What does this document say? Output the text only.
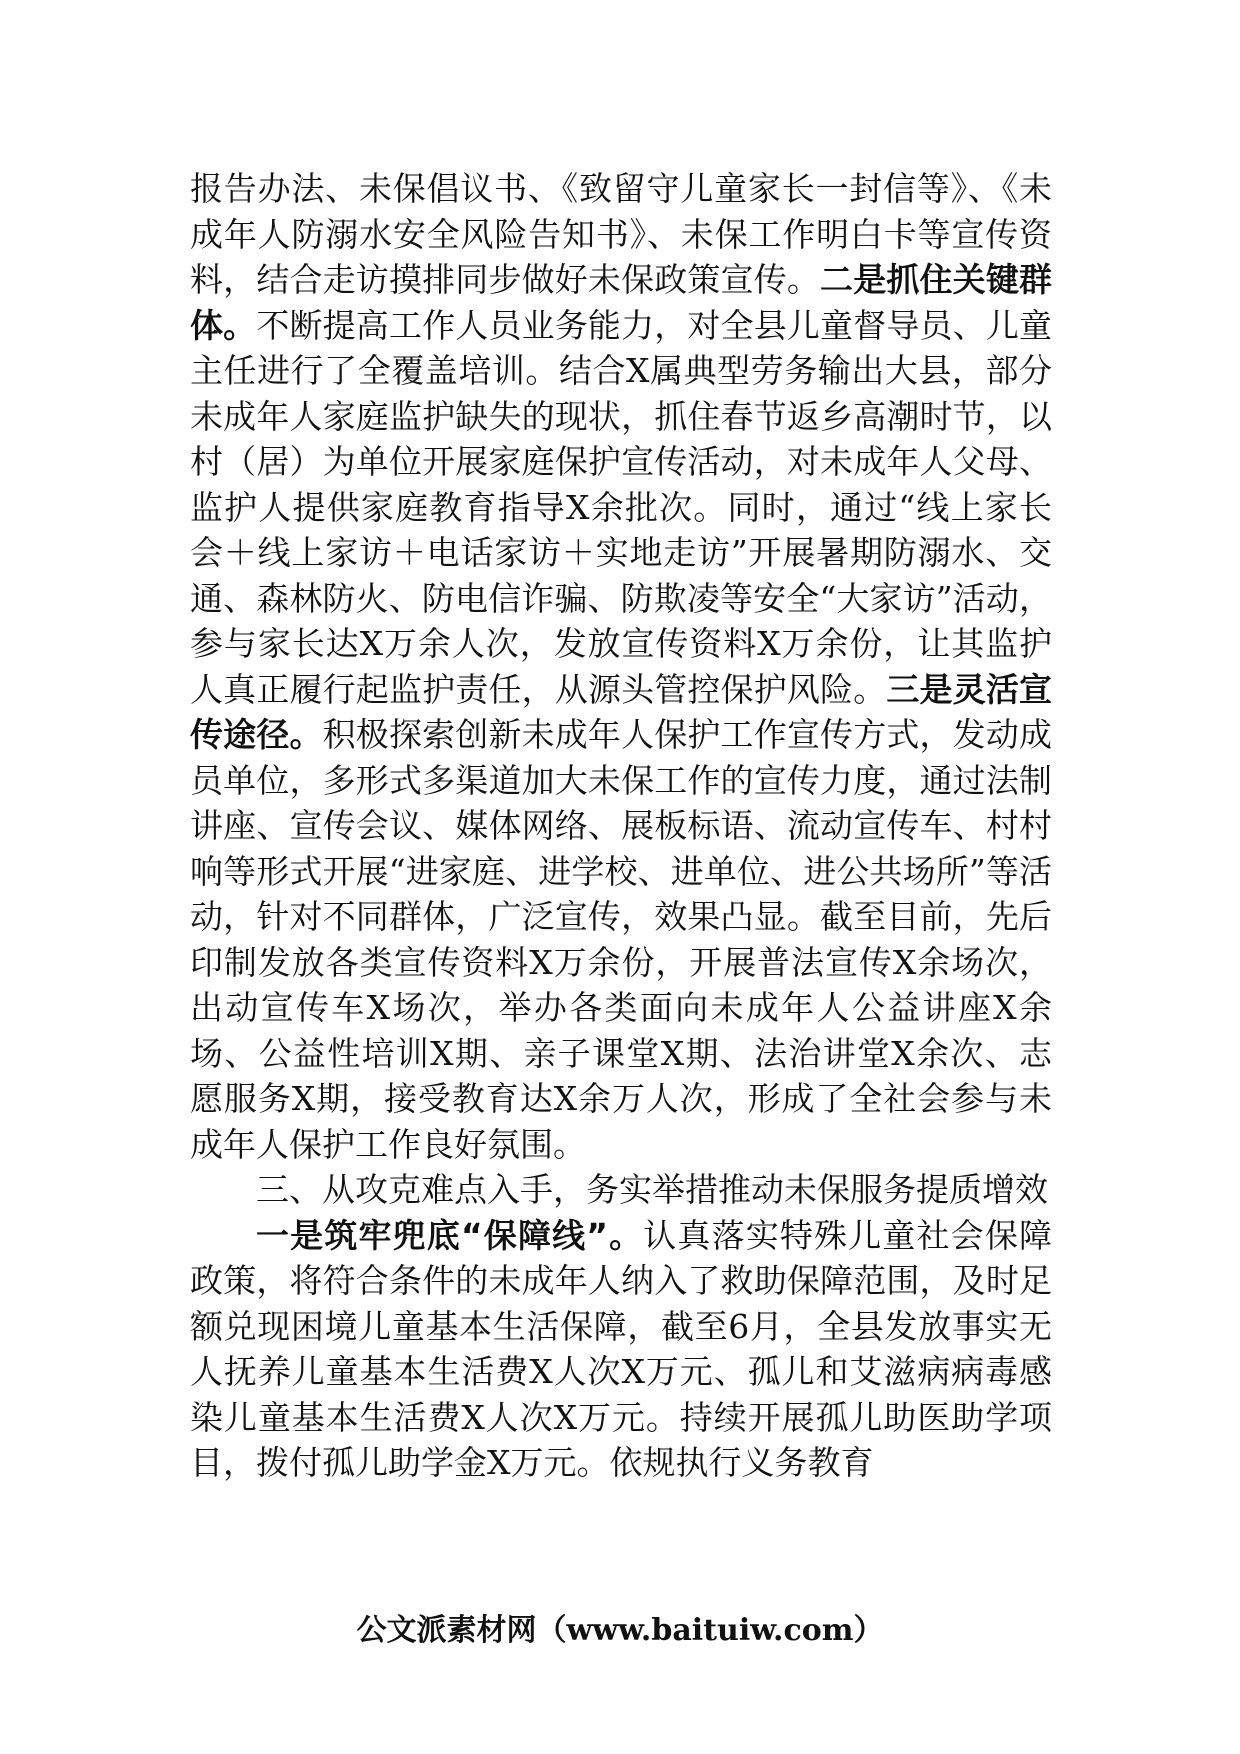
报告办法、未保倡议书、《致留守儿童家长一封信等》、《未成年人防溺水安全风险告知书》、未保工作明白卡等宣传资料，结合走访摸排同步做好未保政策宣传。二是抓住关键群体。不断提高工作人员业务能力，对全县儿童督导员、儿童主任进行了全覆盖培训。结合X属典型劳务输出大县，部分未成年人家庭监护缺失的现状，抓住春节返乡高潮时节，以村（居）为单位开展家庭保护宣传活动，对未成年人父母、监护人提供家庭教育指导X余批次。同时，通过“线上家长会＋线上家访＋电话家访＋实地走访”开展暑期防溺水、交通、森林防火、防电信诈骗、防欺凌等安全“大家访”活动，参与家长达X万余人次，发放宣传资料X万余份，让其监护人真正履行起监护责任，从源头管控保护风险。三是灵活宣传途径。积极探索创新未成年人保护工作宣传方式，发动成员单位，多形式多渠道加大未保工作的宣传力度，通过法制讲座、宣传会议、媒体网络、展板标语、流动宣传车、村村响等形式开展“进家庭、进学校、进单位、进公共场所”等活动，针对不同群体，广泛宣传，效果凸显。截至目前，先后印制发放各类宣传资料X万余份，开展普法宣传X余场次，出动宣传车X场次，举办各类面向未成年人公益讲座X余场、公益性培训X期、亲子课堂X期、法治讲堂X余次、志愿服务X期，接受教育达X余万人次，形成了全社会参与未成年人保护工作良好氛围。

三、从攻克难点入手，务实举措推动未保服务提质增效

一是筑牢兜底“保障线”。认真落实特殊儿童社会保障政策，将符合条件的未成年人纳入了救助保障范围，及时足额兑现困境儿童基本生活保障，截至6月，全县发放事实无人抚养儿童基本生活费X人次X万元、孤儿和艾滋病病毒感染儿童基本生活费X人次X万元。持续开展孤儿助医助学项目，拨付孤儿助学金X万元。依规执行义务教育

公文派素材网（www.baituiw.com）
